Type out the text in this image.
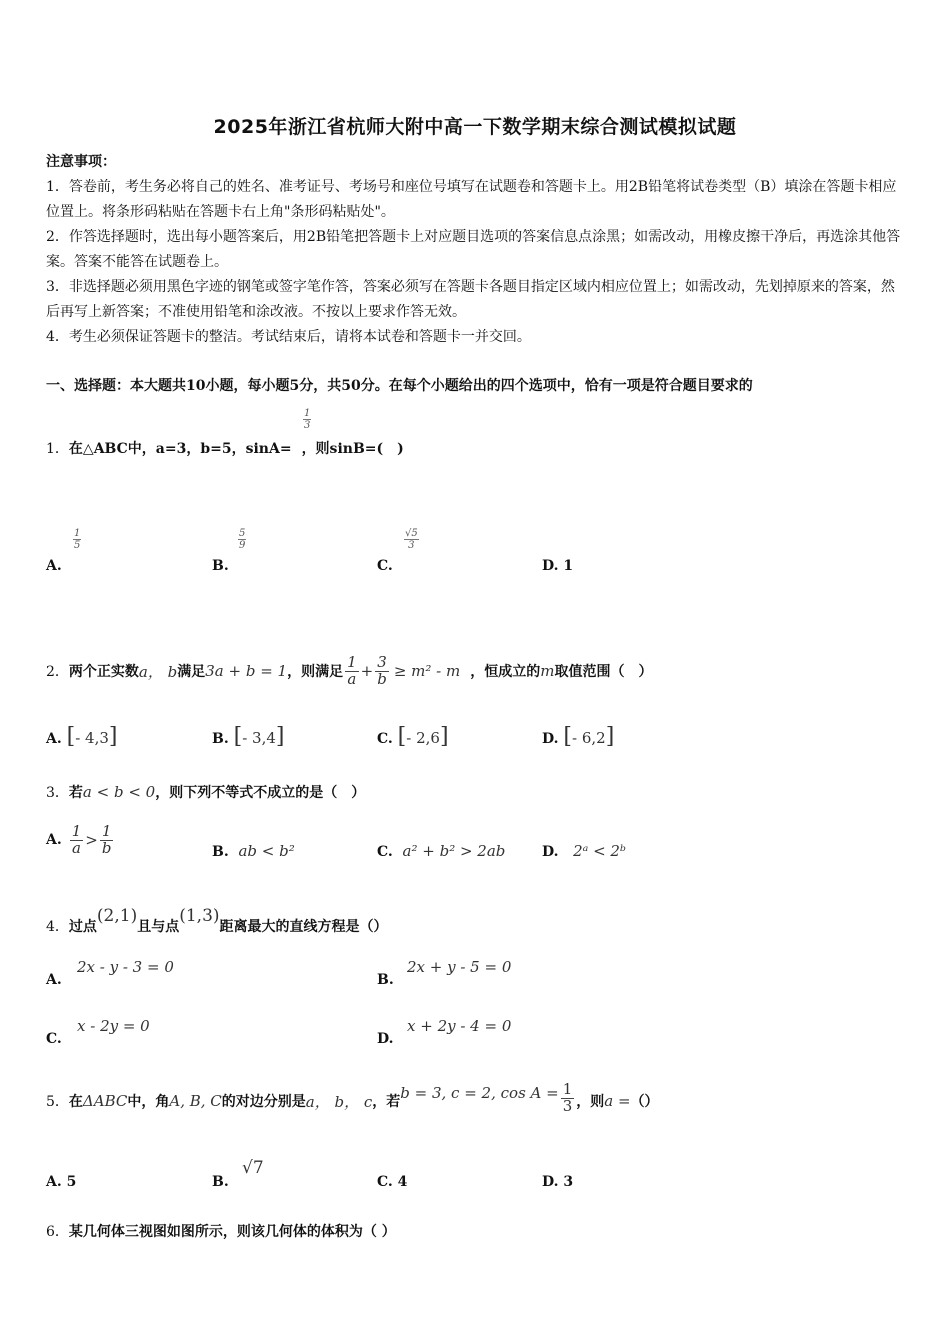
2025年浙江省杭师大附中高一下数学期末综合测试模拟试题

注意事项：

1．答卷前，考生务必将自己的姓名、准考证号、考场号和座位号填写在试题卷和答题卡上。用2B铅笔将试卷类型（B）填涂在答题卡相应位置上。将条形码粘贴在答题卡右上角"条形码粘贴处"。

2．作答选择题时，选出每小题答案后，用2B铅笔把答题卡上对应题目选项的答案信息点涂黑；如需改动，用橡皮擦干净后，再选涂其他答案。答案不能答在试题卷上。

3．非选择题必须用黑色字迹的钢笔或签字笔作答，答案必须写在答题卡各题目指定区域内相应位置上；如需改动，先划掉原来的答案，然后再写上新答案；不准使用铅笔和涂改液。不按以上要求作答无效。

4．考生必须保证答题卡的整洁。考试结束后，请将本试卷和答题卡一并交回。

一、选择题：本大题共10小题，每小题5分，共50分。在每个小题给出的四个选项中，恰有一项是符合题目要求的
$\frac{1}{3}$
1．在△ABC中，a=3，b=5，sinA= ，则sinB=(　)
A.
$\frac{1}{5}$
B.
$\frac{5}{9}$
C.
$\frac{√5}{3}$
D. 1
2． 两个正实数 a， b 满足 3a + b = 1 ，则满足 $\frac{1}{a} + \frac{3}{b} \ge m^2 - m$ ，恒成立的 m 取值范围（　）
A. [- 4,3]	B. [- 3,4]	C. [- 2,6]	D. [- 6,2]
3．若a < b < 0，则下列不等式不成立的是（　）
A. $\frac{1}{a} > \frac{1}{b}$	B. ab < b²	C. a² + b² > 2ab	D. 2ᵃ < 2ᵇ
4． 过点
(2,1)
且与点
(1,3)
距离最大的直线方程是（）
A.
2x - y - 3 = 0
B.
2x + y - 5 = 0
C.
x - 2y = 0
D.
x + 2y - 4 = 0
5． 在 ΔABC 中，角 A, B, C 的对边分别是 a， b， c ，若 b = 3, c = 2, $\cos A = \frac{1}{3}$ ，则 a = （）
A. 5	B.
√7
C. 4	D. 3
6．某几何体三视图如图所示，则该几何体的体积为（ ）
